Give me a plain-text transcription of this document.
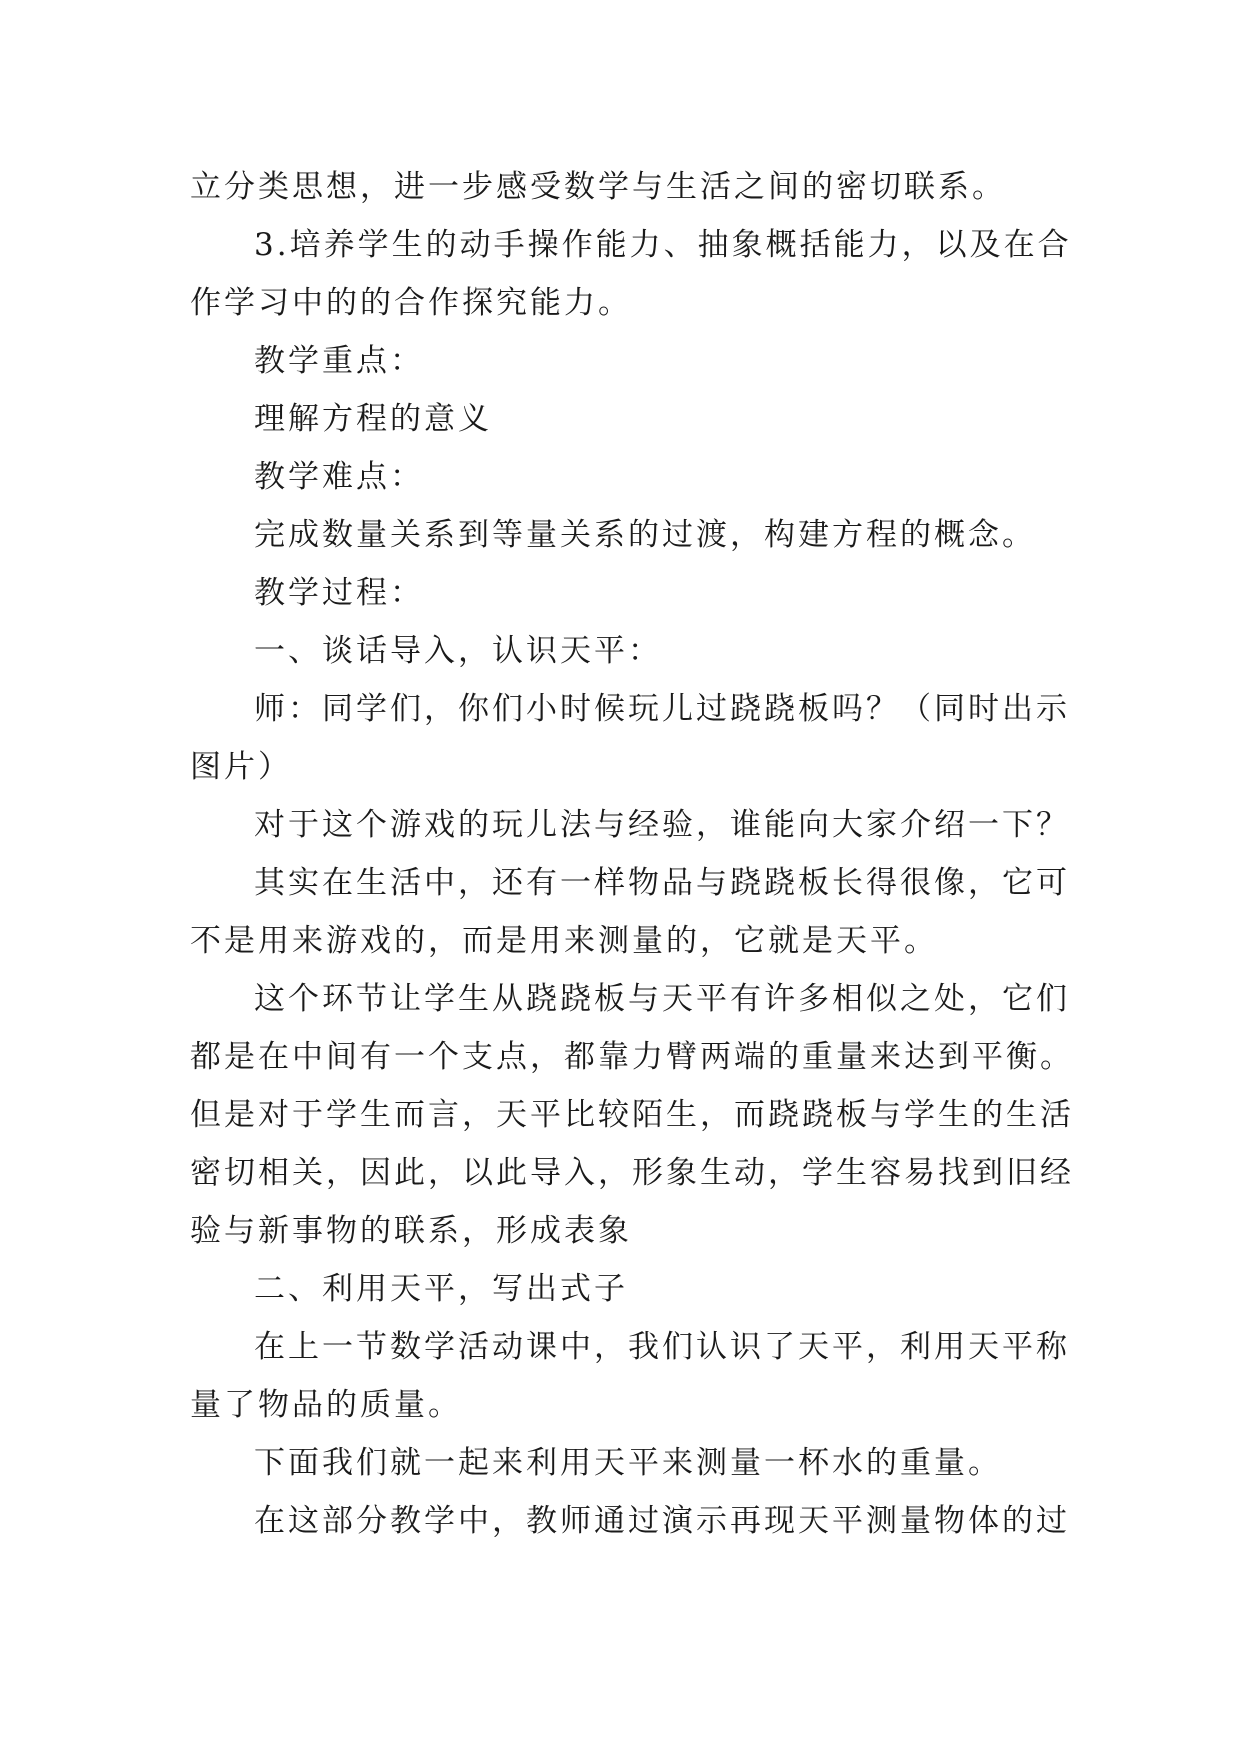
立分类思想，进一步感受数学与生活之间的密切联系。
3.培养学生的动手操作能力、抽象概括能力，以及在合
作学习中的的合作探究能力。
教学重点：
理解方程的意义
教学难点：
完成数量关系到等量关系的过渡，构建方程的概念。
教学过程：
一、谈话导入，认识天平：
师：同学们，你们小时候玩儿过跷跷板吗？（同时出示
图片）
对于这个游戏的玩儿法与经验，谁能向大家介绍一下？
其实在生活中，还有一样物品与跷跷板长得很像，它可
不是用来游戏的，而是用来测量的，它就是天平。
这个环节让学生从跷跷板与天平有许多相似之处，它们
都是在中间有一个支点，都靠力臂两端的重量来达到平衡。
但是对于学生而言，天平比较陌生，而跷跷板与学生的生活
密切相关，因此，以此导入，形象生动，学生容易找到旧经
验与新事物的联系，形成表象
二、利用天平，写出式子
在上一节数学活动课中，我们认识了天平，利用天平称
量了物品的质量。
下面我们就一起来利用天平来测量一杯水的重量。
在这部分教学中，教师通过演示再现天平测量物体的过
